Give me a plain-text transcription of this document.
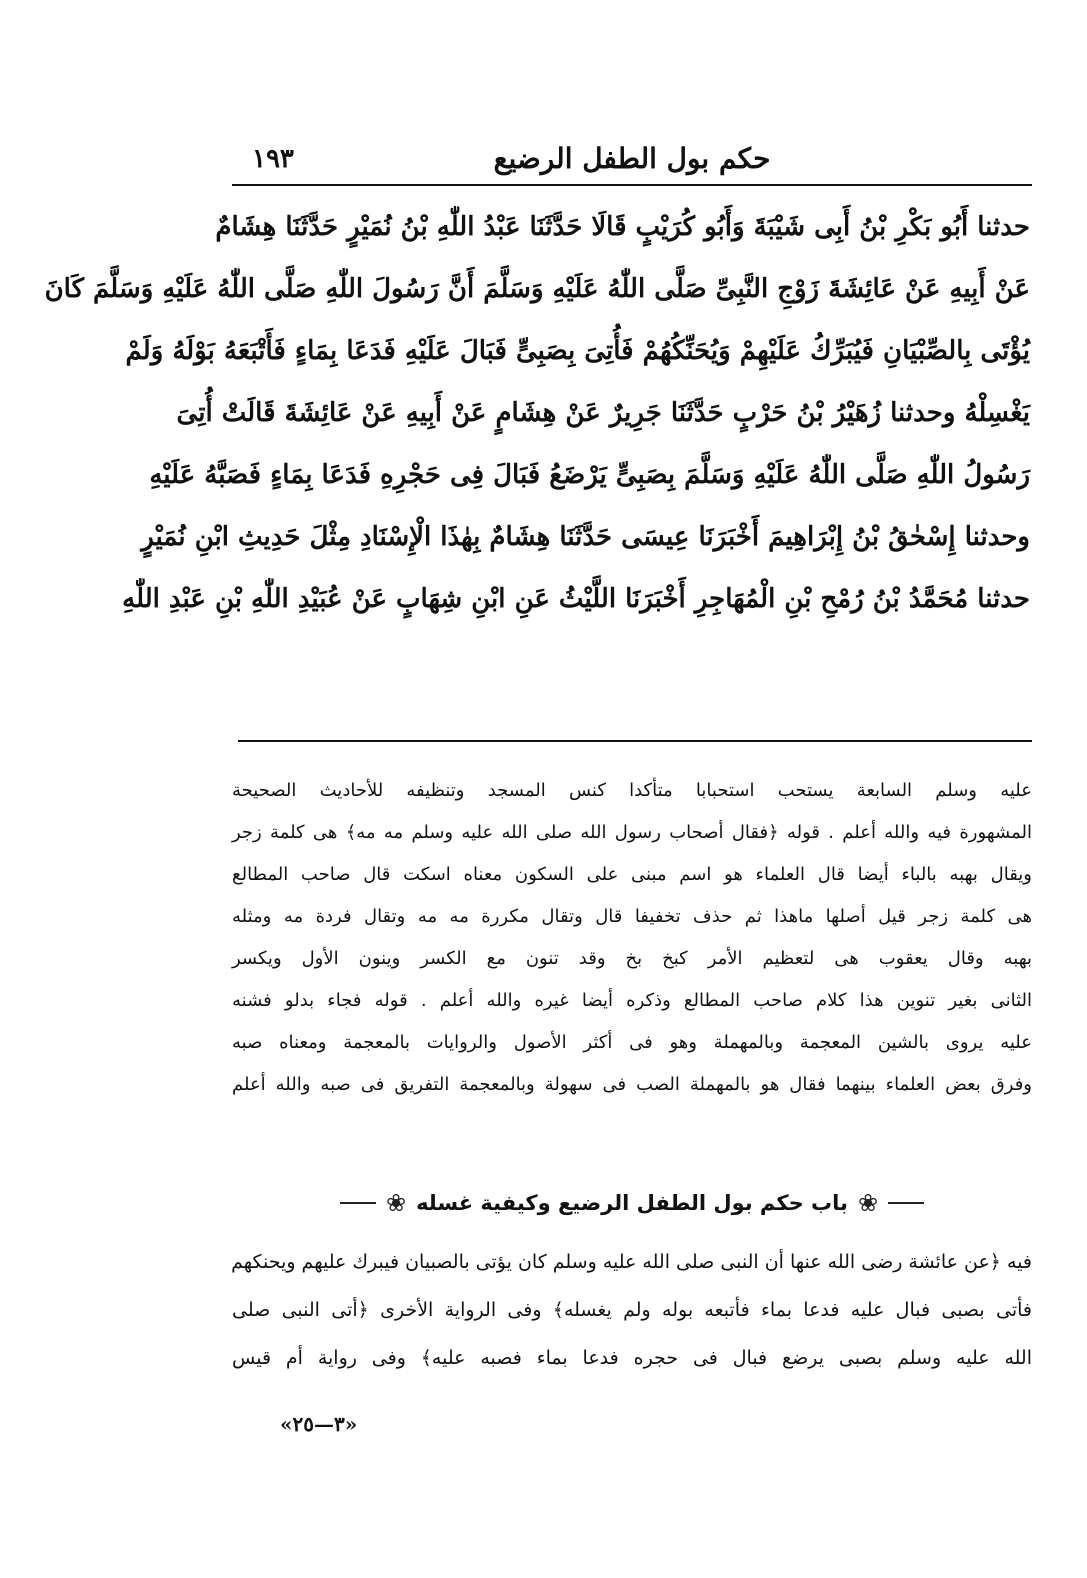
حكم بول الطفل الرضيع
١٩٣
حدثنا أَبُو بَكْرِ بْنُ أَبِى شَيْبَةَ وَأَبُو كُرَيْبٍ قَالَا حَدَّثَنَا عَبْدُ اللّٰهِ بْنُ نُمَيْرٍ حَدَّثَنَا هِشَامٌ
عَنْ أَبِيهِ عَنْ عَائِشَةَ زَوْجِ النَّبِىِّ صَلَّى اللّٰهُ عَلَيْهِ وَسَلَّمَ أَنَّ رَسُولَ اللّٰهِ صَلَّى اللّٰهُ عَلَيْهِ وَسَلَّمَ كَانَ
يُؤْتَى بِالصِّبْيَانِ فَيُبَرِّكُ عَلَيْهِمْ وَيُحَنِّكُهُمْ فَأُتِىَ بِصَبِىٍّ فَبَالَ عَلَيْهِ فَدَعَا بِمَاءٍ فَأَتْبَعَهُ بَوْلَهُ وَلَمْ
يَغْسِلْهُ وحدثنا زُهَيْرُ بْنُ حَرْبٍ حَدَّثَنَا جَرِيرٌ عَنْ هِشَامٍ عَنْ أَبِيهِ عَنْ عَائِشَةَ قَالَتْ أُتِىَ
رَسُولُ اللّٰهِ صَلَّى اللّٰهُ عَلَيْهِ وَسَلَّمَ بِصَبِىٍّ يَرْضَعُ فَبَالَ فِى حَجْرِهِ فَدَعَا بِمَاءٍ فَصَبَّهُ عَلَيْهِ
وحدثنا إِسْحٰقُ بْنُ إِبْرَاهِيمَ أَخْبَرَنَا عِيسَى حَدَّثَنَا هِشَامٌ بِهٰذَا الْإِسْنَادِ مِثْلَ حَدِيثِ ابْنِ نُمَيْرٍ
حدثنا مُحَمَّدُ بْنُ رُمْحِ بْنِ الْمُهَاجِرِ أَخْبَرَنَا اللَّيْثُ عَنِ ابْنِ شِهَابٍ عَنْ عُبَيْدِ اللّٰهِ بْنِ عَبْدِ اللّٰهِ
عليه وسلم السابعة يستحب استحبابا متأكدا كنس المسجد وتنظيفه للأحاديث الصحيحة
المشهورة فيه والله أعلم . قوله ﴿فقال أصحاب رسول الله صلى الله عليه وسلم مه مه﴾ هى كلمة زجر
ويقال بهبه بالباء أيضا قال العلماء هو اسم مبنى على السكون معناه اسكت قال صاحب المطالع
هى كلمة زجر قيل أصلها ماهذا ثم حذف تخفيفا قال وتقال مكررة مه مه وتقال فردة مه ومثله
بهبه وقال يعقوب هى لتعظيم الأمر كبخ بخ وقد تنون مع الكسر وينون الأول ويكسر
الثانى بغير تنوين هذا كلام صاحب المطالع وذكره أيضا غيره والله أعلم . قوله فجاء بدلو فشنه
عليه يروى بالشين المعجمة وبالمهملة وهو فى أكثر الأصول والروايات بالمعجمة ومعناه صبه
وفرق بعض العلماء بينهما فقال هو بالمهملة الصب فى سهولة وبالمعجمة التفريق فى صبه والله أعلم
❀
باب حكم بول الطفل الرضيع وكيفية غسله
❀
فيه ﴿عن عائشة رضى الله عنها أن النبى صلى الله عليه وسلم كان يؤتى بالصبيان فيبرك عليهم ويحنكهم
فأتى بصبى فبال عليه فدعا بماء فأتبعه بوله ولم يغسله﴾ وفى الرواية الأخرى ﴿أتى النبى صلى
الله عليه وسلم بصبى يرضع فبال فى حجره فدعا بماء فصبه عليه﴾ وفى رواية أم قيس
«٣—٢٥»
